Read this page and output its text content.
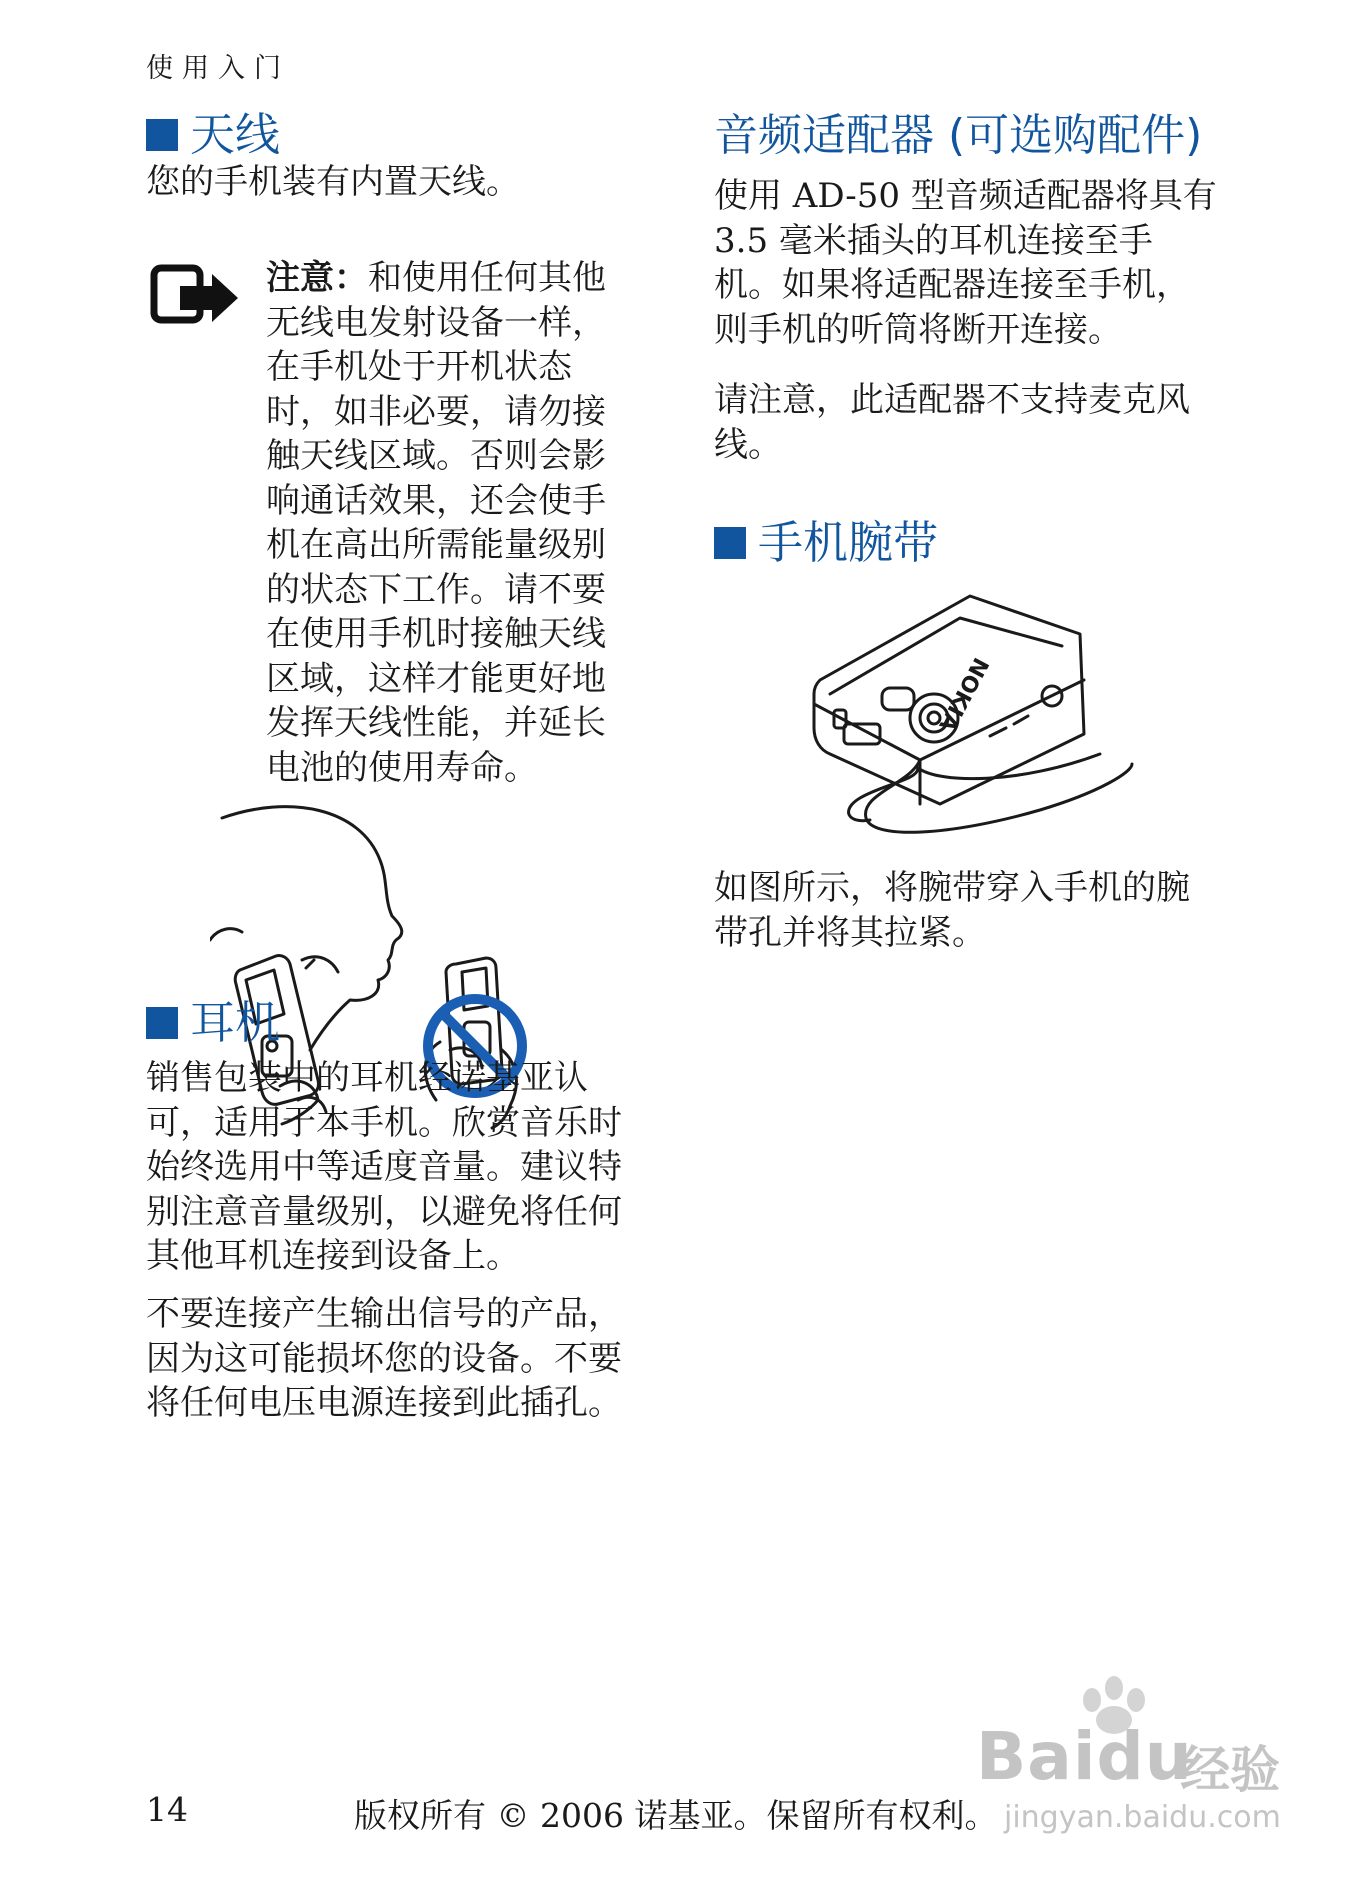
使用入门
天线

您的手机装有内置天线。

注意：和使用任何其他
无线电发射设备一样，
在手机处于开机状态
时，如非必要，请勿接
触天线区域。否则会影
响通话效果，还会使手
机在高出所需能量级别
的状态下工作。请不要
在使用手机时接触天线
区域，这样才能更好地
发挥天线性能，并延长
电池的使用寿命。
耳机
销售包装中的耳机经诺基亚认
可，适用于本手机。欣赏音乐时
始终选用中等适度音量。建议特
别注意音量级别，以避免将任何
其他耳机连接到设备上。
不要连接产生输出信号的产品，
因为这可能损坏您的设备。不要
将任何电压电源连接到此插孔。
音频适配器 (可选购配件)
使用 AD-50 型音频适配器将具有
3.5 毫米插头的耳机连接至手
机。如果将适配器连接至手机，
则手机的听筒将断开连接。
请注意，此适配器不支持麦克风
线。
手机腕带
NOKIA
如图所示，将腕带穿入手机的腕
带孔并将其拉紧。
14	版权所有 © 2006 诺基亚。保留所有权利。
Baidu
经验
jingyan.baidu.com
